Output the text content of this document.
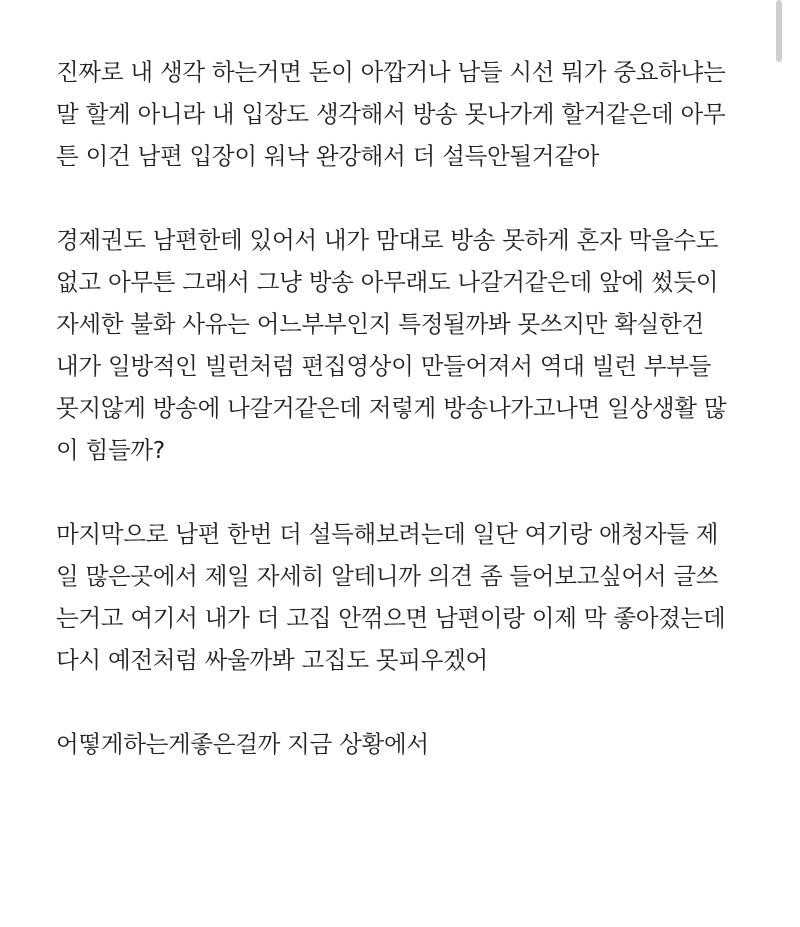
진짜로 내 생각 하는거면 돈이 아깝거나 남들 시선 뭐가 중요하냐는
말 할게 아니라 내 입장도 생각해서 방송 못나가게 할거같은데 아무
튼 이건 남편 입장이 워낙 완강해서 더 설득안될거같아

경제권도 남편한테 있어서 내가 맘대로 방송 못하게 혼자 막을수도
없고 아무튼 그래서 그냥 방송 아무래도 나갈거같은데 앞에 썼듯이
자세한 불화 사유는 어느부부인지 특정될까봐 못쓰지만 확실한건
내가 일방적인 빌런처럼 편집영상이 만들어져서 역대 빌런 부부들
못지않게 방송에 나갈거같은데 저렇게 방송나가고나면 일상생활 많
이 힘들까?

마지막으로 남편 한번 더 설득해보려는데 일단 여기랑 애청자들 제
일 많은곳에서 제일 자세히 알테니까 의견 좀 들어보고싶어서 글쓰
는거고 여기서 내가 더 고집 안꺾으면 남편이랑 이제 막 좋아졌는데
다시 예전처럼 싸울까봐 고집도 못피우겠어

어떻게하는게좋은걸까 지금 상황에서
